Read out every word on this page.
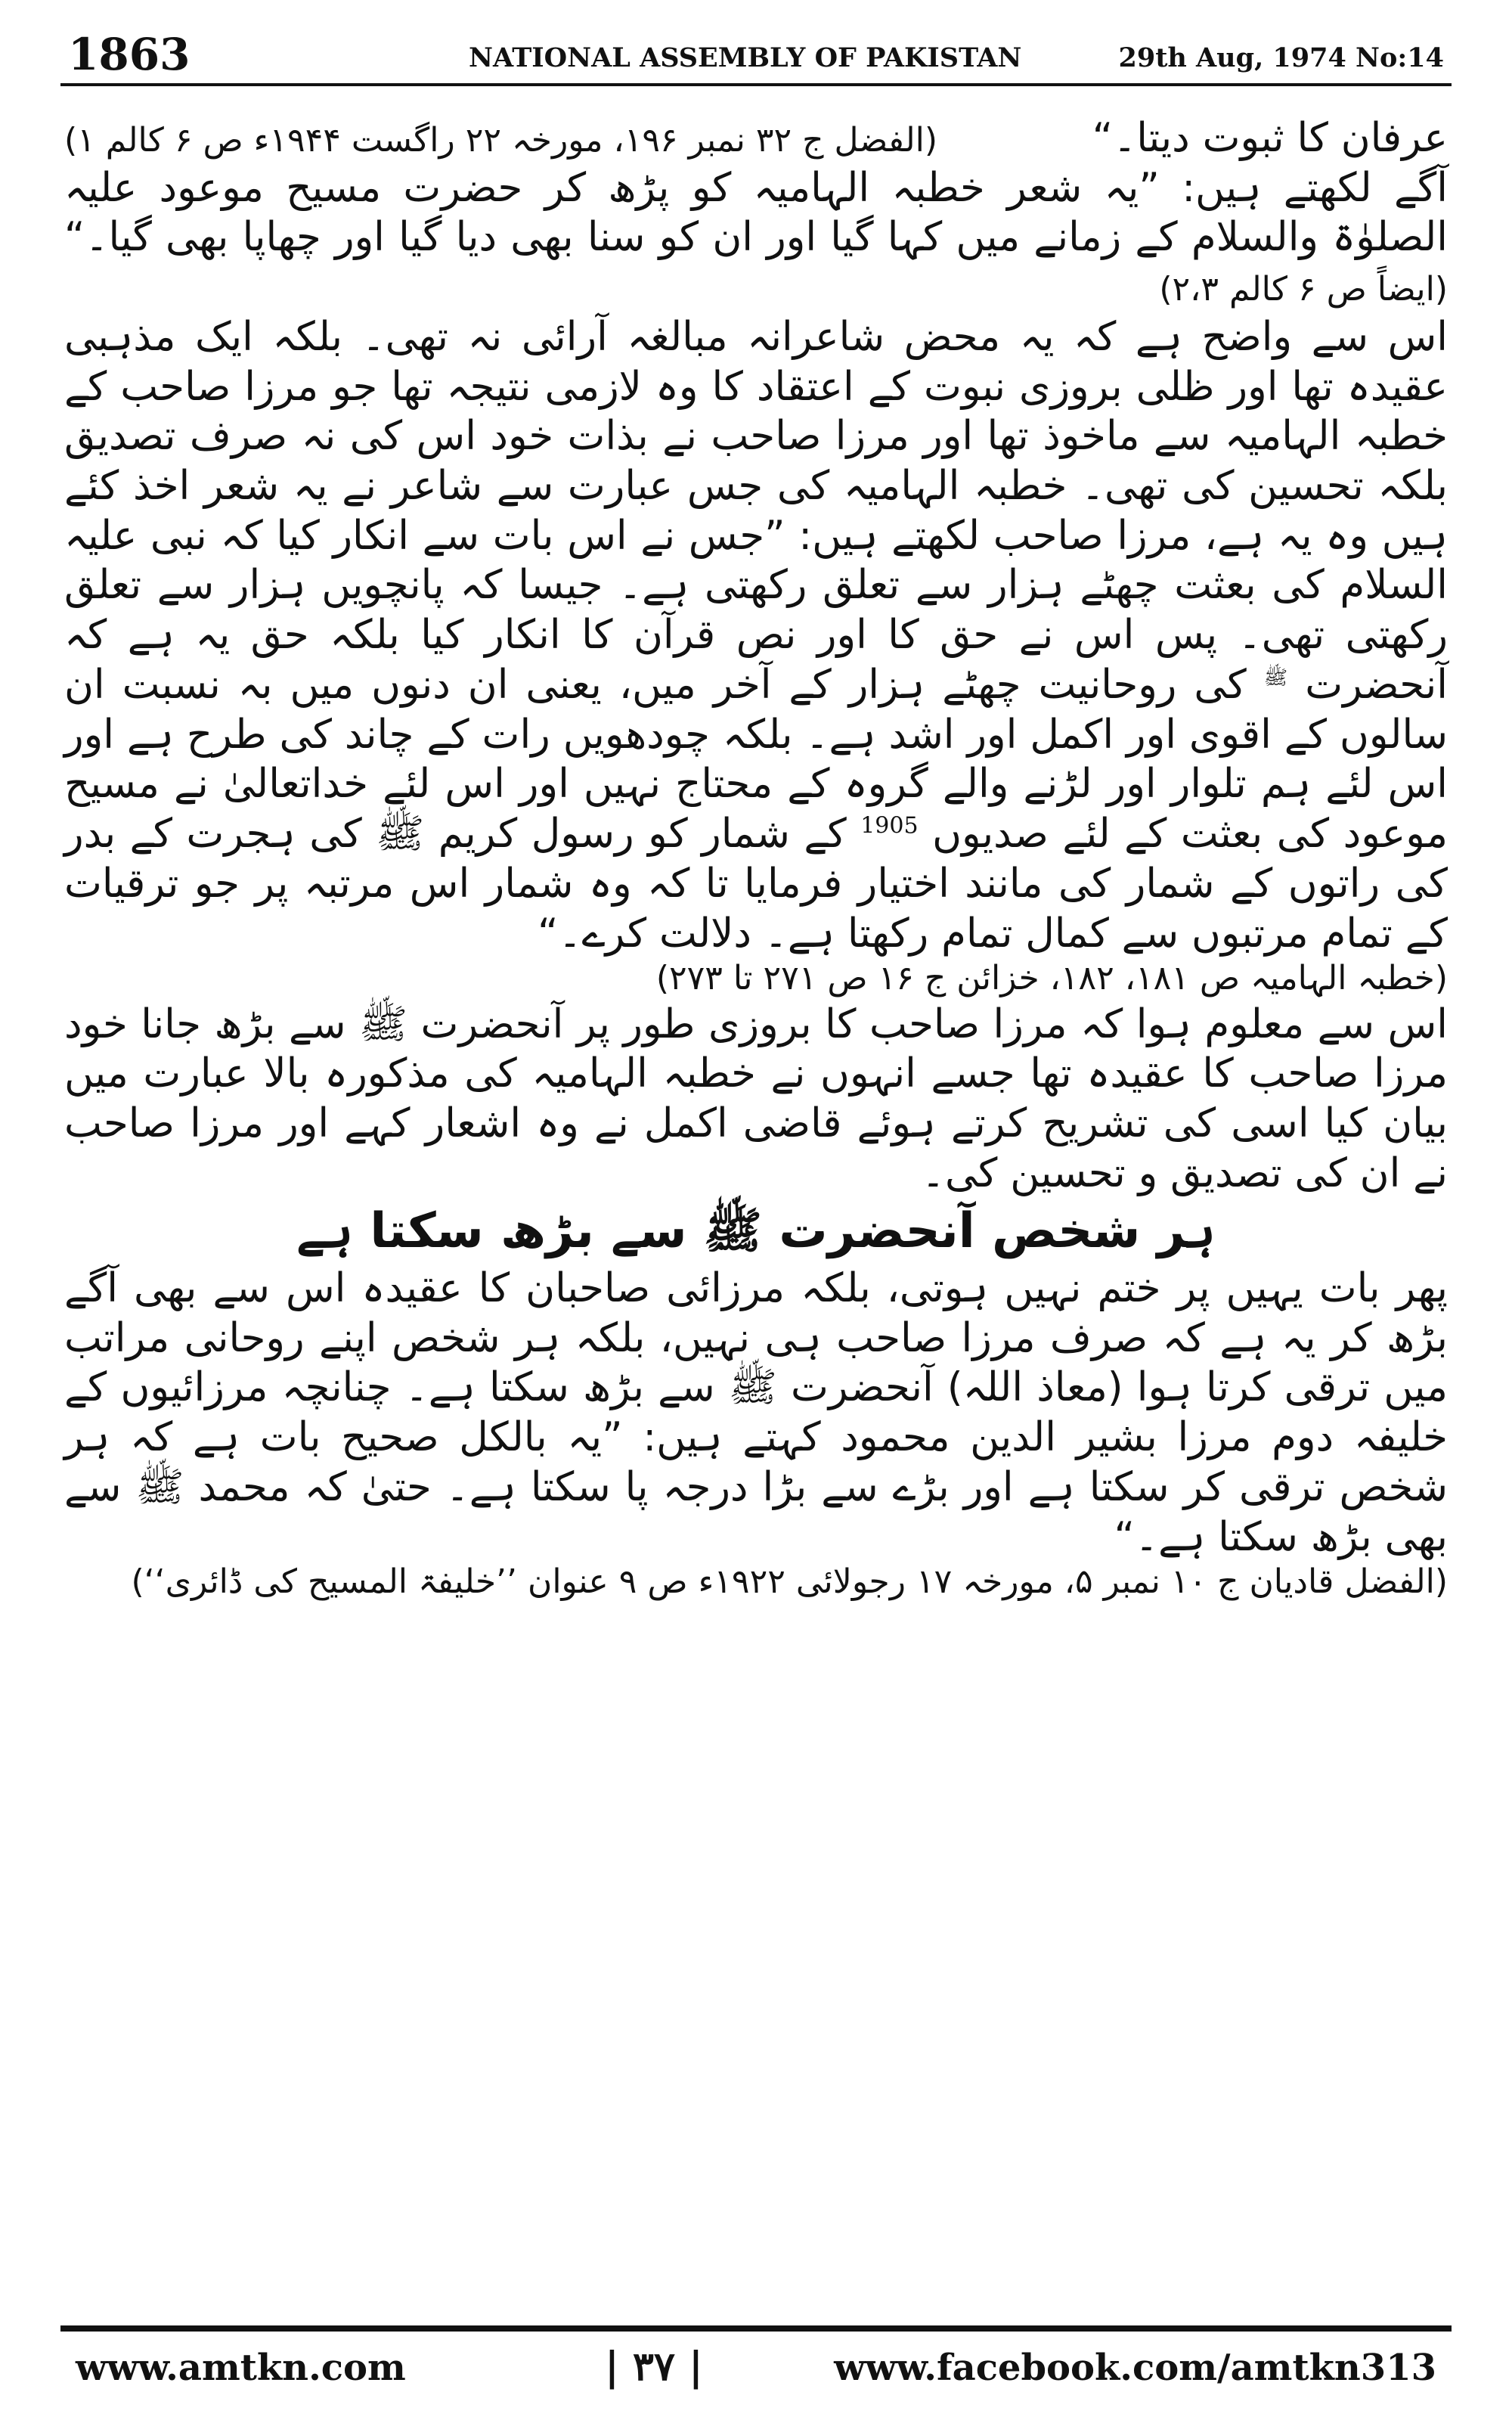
1863	NATIONAL ASSEMBLY OF PAKISTAN	29th Aug, 1974 No:14
عرفان کا ثبوت دیتا۔“
(الفضل ج ۳۲ نمبر ۱۹۶، مورخہ ۲۲ راگست ۱۹۴۴ء ص ۶ کالم ۱)

آگے لکھتے ہیں: ”یہ شعر خطبہ الہامیہ کو پڑھ کر حضرت مسیح موعود علیہ الصلوٰۃ والسلام کے زمانے میں کہا گیا اور ان کو سنا بھی دیا گیا اور چھاپا بھی گیا۔“ (ایضاً ص ۶ کالم ۲،۳)

اس سے واضح ہے کہ یہ محض شاعرانہ مبالغہ آرائی نہ تھی۔ بلکہ ایک مذہبی عقیدہ تھا اور ظلی بروزی نبوت کے اعتقاد کا وہ لازمی نتیجہ تھا جو مرزا صاحب کے خطبہ الہامیہ سے ماخوذ تھا اور مرزا صاحب نے بذات خود اس کی نہ صرف تصدیق بلکہ تحسین کی تھی۔ خطبہ الہامیہ کی جس عبارت سے شاعر نے یہ شعر اخذ کئے ہیں وہ یہ ہے، مرزا صاحب لکھتے ہیں: ”جس نے اس بات سے انکار کیا کہ نبی علیہ السلام کی بعثت چھٹے ہزار سے تعلق رکھتی ہے۔ جیسا کہ پانچویں ہزار سے تعلق رکھتی تھی۔ پس اس نے حق کا اور نص قرآن کا انکار کیا بلکہ حق یہ ہے کہ آنحضرت $^ﷺ$ کی روحانیت چھٹے ہزار کے آخر میں، یعنی ان دنوں میں بہ نسبت ان سالوں کے اقوی اور اکمل اور اشد ہے۔ بلکہ چودھویں رات کے چاند کی طرح ہے اور اس لئے ہم تلوار اور لڑنے والے گروہ کے محتاج نہیں اور اس لئے خداتعالیٰ نے مسیح موعود کی بعثت کے لئے صدیوں $^{1905}$ کے شمار کو رسول کریم ﷺ کی ہجرت کے بدر کی راتوں کے شمار کی مانند اختیار فرمایا تا کہ وہ شمار اس مرتبہ پر جو ترقیات کے تمام مرتبوں سے کمال تمام رکھتا ہے۔ دلالت کرے۔“

(خطبہ الہامیہ ص ۱۸۱، ۱۸۲، خزائن ج ۱۶ ص ۲۷۱ تا ۲۷۳)

اس سے معلوم ہوا کہ مرزا صاحب کا بروزی طور پر آنحضرت ﷺ سے بڑھ جانا خود مرزا صاحب کا عقیدہ تھا جسے انہوں نے خطبہ الہامیہ کی مذکورہ بالا عبارت میں بیان کیا اسی کی تشریح کرتے ہوئے قاضی اکمل نے وہ اشعار کہے اور مرزا صاحب نے ان کی تصدیق و تحسین کی۔

ہر شخص آنحضرت ﷺ سے بڑھ سکتا ہے

پھر بات یہیں پر ختم نہیں ہوتی، بلکہ مرزائی صاحبان کا عقیدہ اس سے بھی آگے بڑھ کر یہ ہے کہ صرف مرزا صاحب ہی نہیں، بلکہ ہر شخص اپنے روحانی مراتب میں ترقی کرتا ہوا (معاذ اللہ) آنحضرت ﷺ سے بڑھ سکتا ہے۔ چنانچہ مرزائیوں کے خلیفہ دوم مرزا بشیر الدین محمود کہتے ہیں: ”یہ بالکل صحیح بات ہے کہ ہر شخص ترقی کر سکتا ہے اور بڑے سے بڑا درجہ پا سکتا ہے۔ حتیٰ کہ محمد ﷺ سے بھی بڑھ سکتا ہے۔“

(الفضل قادیان ج ۱۰ نمبر ۵، مورخہ ۱۷ رجولائی ۱۹۲۲ء ص ۹ عنوان ’’خلیفۃ المسیح کی ڈائری‘‘)

www.amtkn.com	| ۳۷ |	www.facebook.com/amtkn313
